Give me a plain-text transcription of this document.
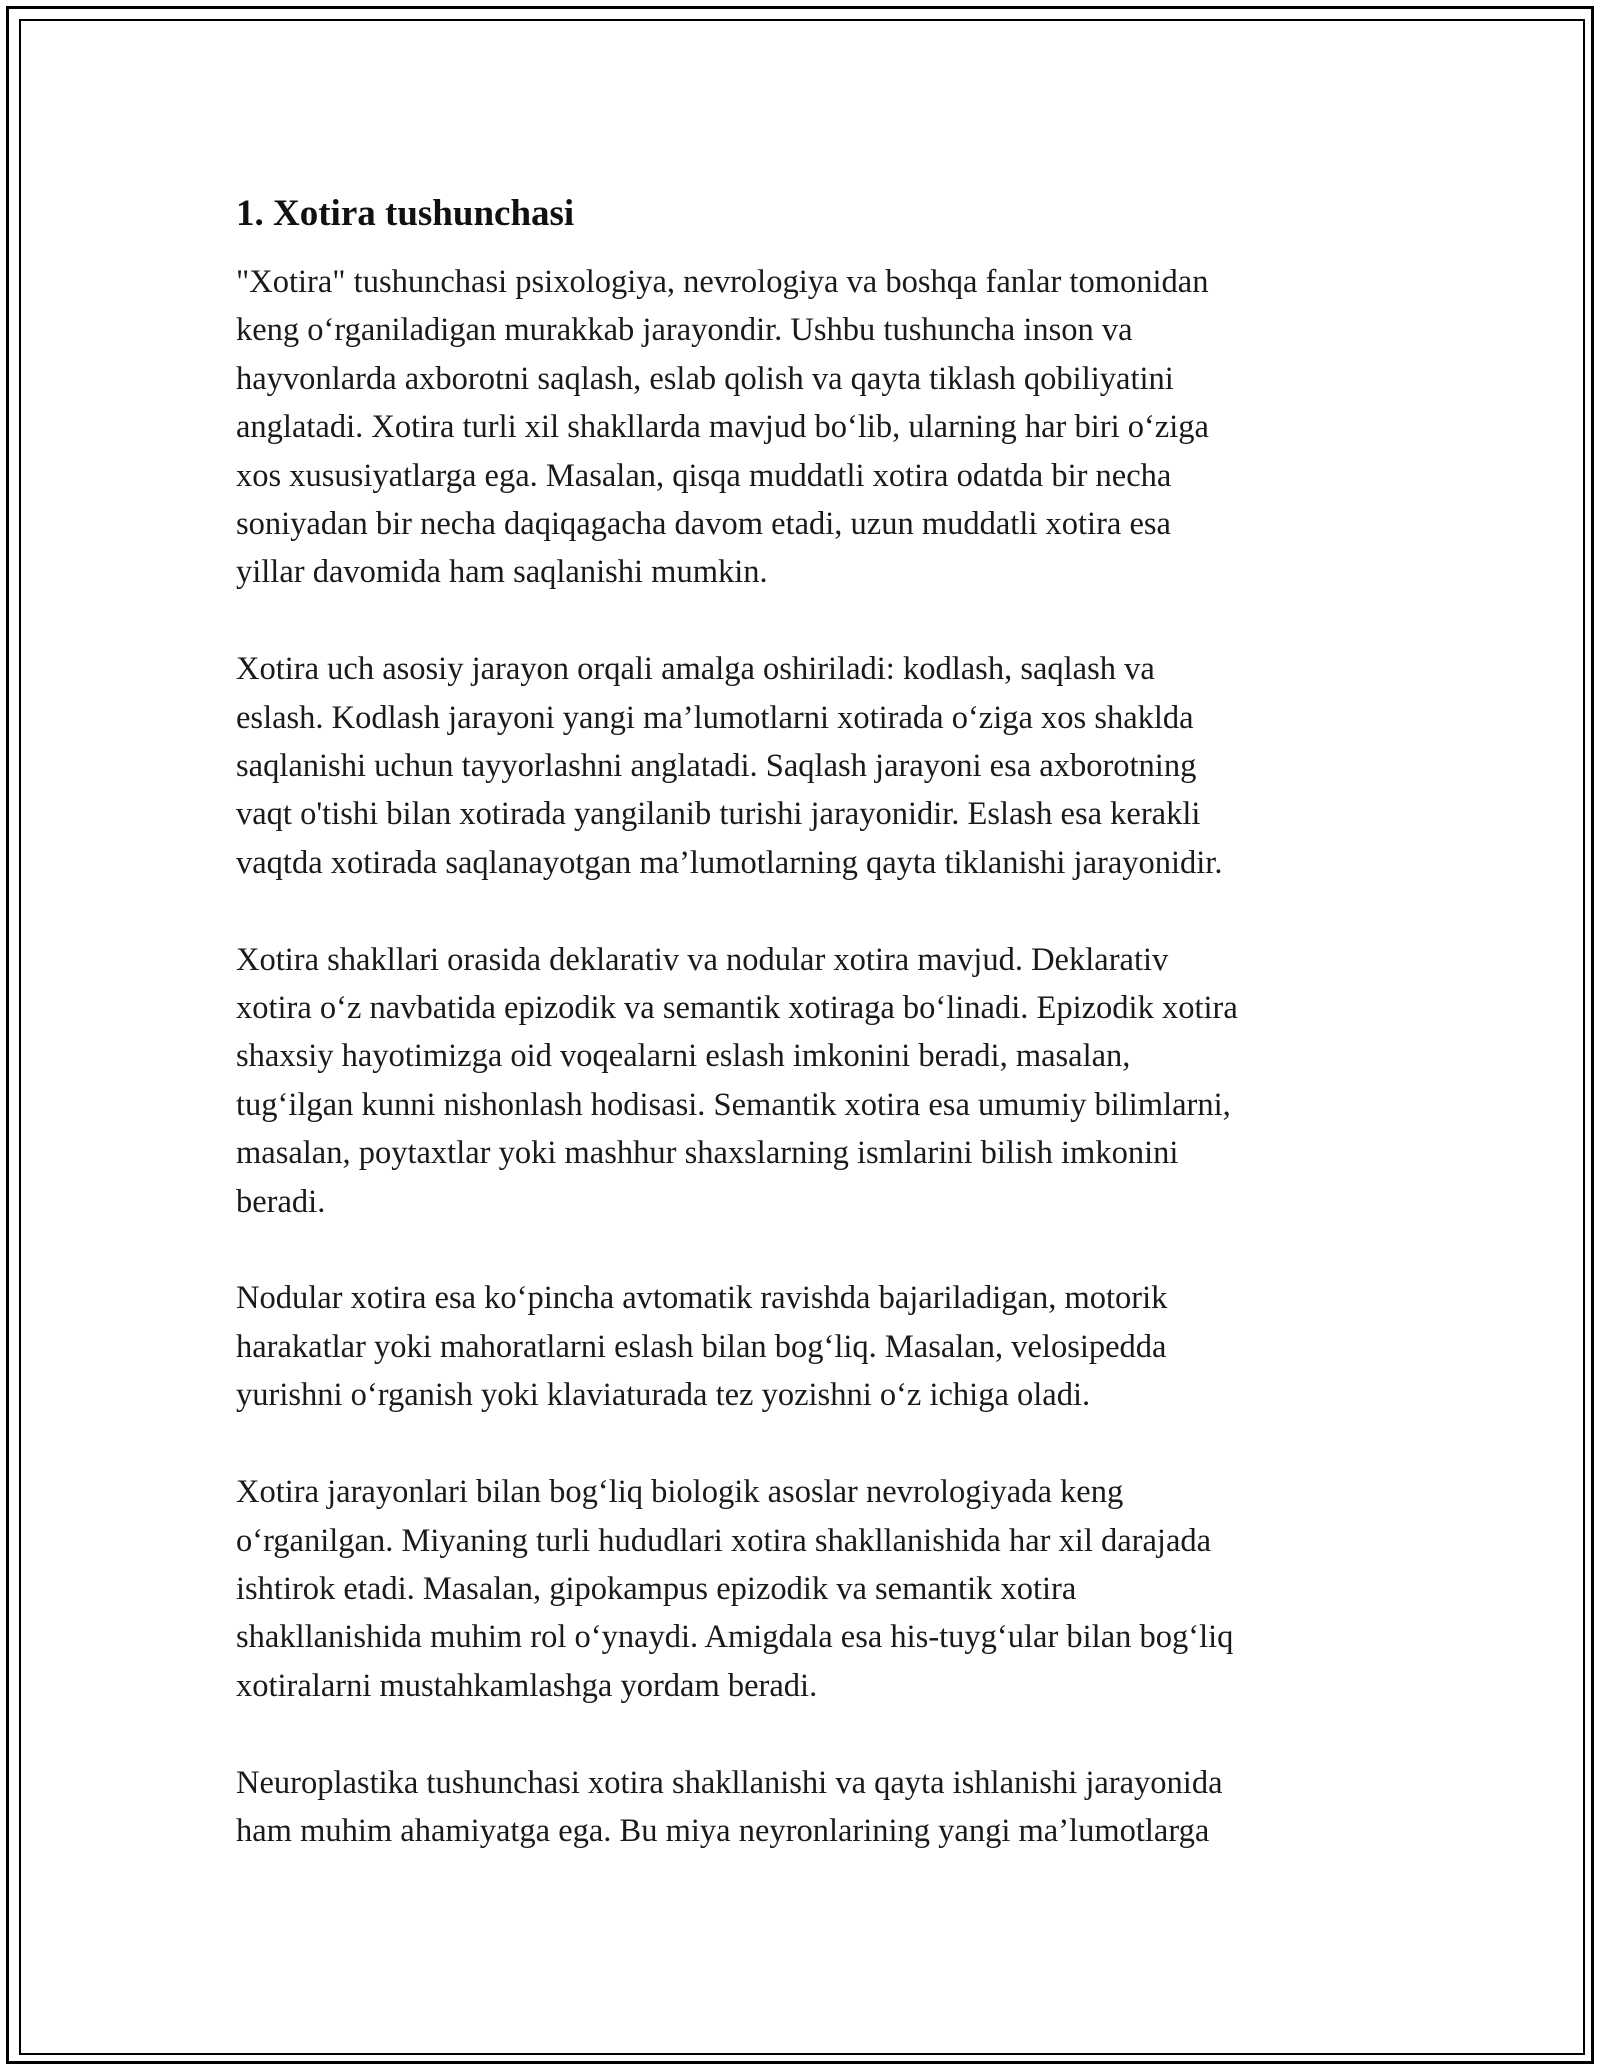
1. Xotira tushunchasi

"Xotira" tushunchasi psixologiya, nevrologiya va boshqa fanlar tomonidan
keng o‘rganiladigan murakkab jarayondir. Ushbu tushuncha inson va
hayvonlarda axborotni saqlash, eslab qolish va qayta tiklash qobiliyatini
anglatadi. Xotira turli xil shakllarda mavjud bo‘lib, ularning har biri o‘ziga
xos xususiyatlarga ega. Masalan, qisqa muddatli xotira odatda bir necha
soniyadan bir necha daqiqagacha davom etadi, uzun muddatli xotira esa
yillar davomida ham saqlanishi mumkin.

Xotira uch asosiy jarayon orqali amalga oshiriladi: kodlash, saqlash va
eslash. Kodlash jarayoni yangi ma’lumotlarni xotirada o‘ziga xos shaklda
saqlanishi uchun tayyorlashni anglatadi. Saqlash jarayoni esa axborotning
vaqt o'tishi bilan xotirada yangilanib turishi jarayonidir. Eslash esa kerakli
vaqtda xotirada saqlanayotgan ma’lumotlarning qayta tiklanishi jarayonidir.

Xotira shakllari orasida deklarativ va nodular xotira mavjud. Deklarativ
xotira o‘z navbatida epizodik va semantik xotiraga bo‘linadi. Epizodik xotira
shaxsiy hayotimizga oid voqealarni eslash imkonini beradi, masalan,
tug‘ilgan kunni nishonlash hodisasi. Semantik xotira esa umumiy bilimlarni,
masalan, poytaxtlar yoki mashhur shaxslarning ismlarini bilish imkonini
beradi.

Nodular xotira esa ko‘pincha avtomatik ravishda bajariladigan, motorik
harakatlar yoki mahoratlarni eslash bilan bog‘liq. Masalan, velosipedda
yurishni o‘rganish yoki klaviaturada tez yozishni o‘z ichiga oladi.

Xotira jarayonlari bilan bog‘liq biologik asoslar nevrologiyada keng
o‘rganilgan. Miyaning turli hududlari xotira shakllanishida har xil darajada
ishtirok etadi. Masalan, gipokampus epizodik va semantik xotira
shakllanishida muhim rol o‘ynaydi. Amigdala esa his-tuyg‘ular bilan bog‘liq
xotiralarni mustahkamlashga yordam beradi.

Neuroplastika tushunchasi xotira shakllanishi va qayta ishlanishi jarayonida
ham muhim ahamiyatga ega. Bu miya neyronlarining yangi ma’lumotlarga
